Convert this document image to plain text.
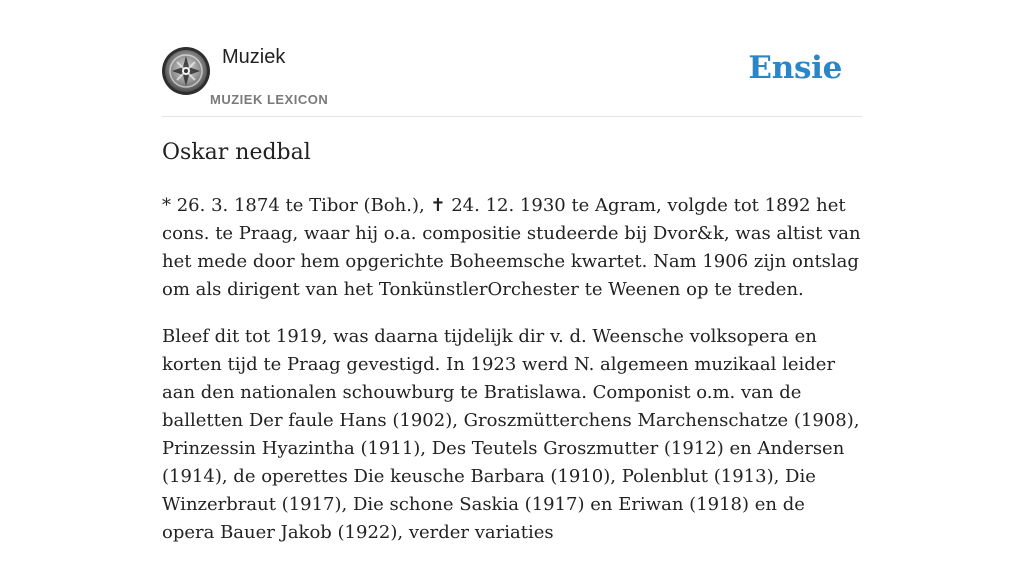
Muziek
MUZIEK LEXICON
Ensie
Oskar nedbal

* 26. 3. 1874 te Tibor (Boh.), ✝ 24. 12. 1930 te Agram, volgde tot 1892 het cons. te Praag, waar hij o.a. compositie studeerde bij Dvor&k, was altist van het mede door hem opgerichte Boheemsche kwartet. Nam 1906 zijn ontslag om als dirigent van het TonkünstlerOrchester te Weenen op te treden.

Bleef dit tot 1919, was daarna tijdelijk dir v. d. Weensche volksopera en korten tijd te Praag gevestigd. In 1923 werd N. algemeen muzikaal leider aan den nationalen schouwburg te Bratislawa. Componist o.m. van de balletten Der faule Hans (1902), Groszmütterchens Marchenschatze (1908), Prinzessin Hyazintha (1911), Des Teutels Groszmutter (1912) en Andersen (1914), de operettes Die keusche Barbara (1910), Polenblut (1913), Die Winzerbraut (1917), Die schone Saskia (1917) en Eriwan (1918) en de opera Bauer Jakob (1922), verder variaties
